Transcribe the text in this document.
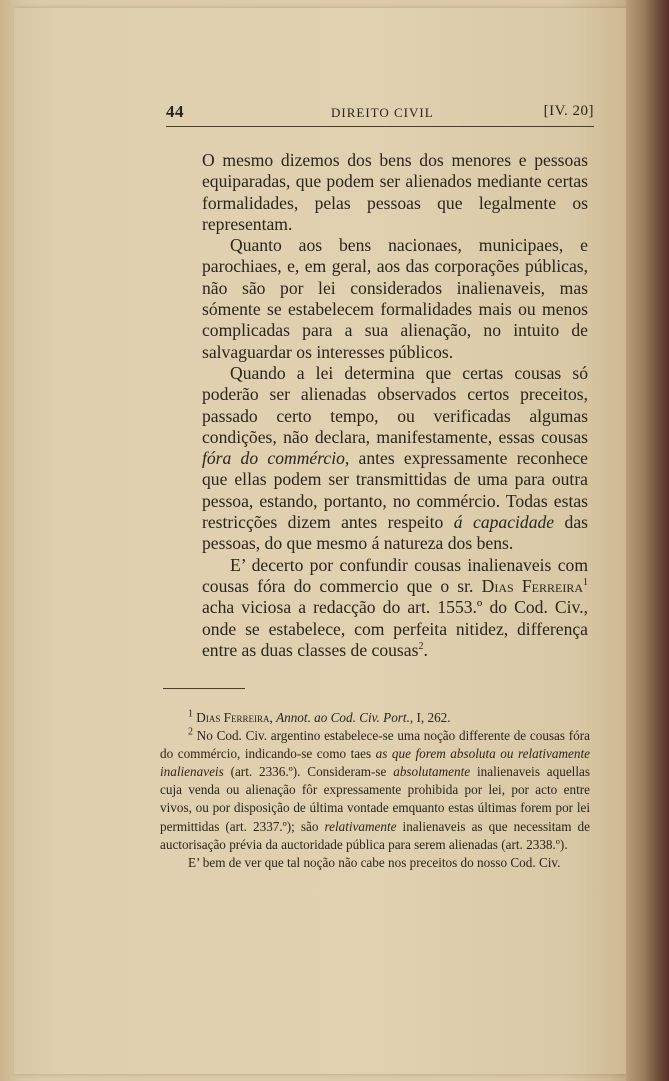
44	DIREITO CIVIL	[IV. 20]

O mesmo dizemos dos bens dos menores e pessoas equiparadas, que podem ser alienados mediante certas formalidades, pelas pessoas que legalmente os representam.

Quanto aos bens nacionaes, municipaes, e parochiaes, e, em geral, aos das corporações públicas, não são por lei considerados inalienaveis, mas sómente se estabelecem formalidades mais ou menos complicadas para a sua alienação, no intuito de salvaguardar os interesses públicos.

Quando a lei determina que certas cousas só poderão ser alienadas observados certos preceitos, passado certo tempo, ou verificadas algumas condições, não declara, manifestamente, essas cousas fóra do commércio, antes expressamente reconhece que ellas podem ser transmittidas de uma para outra pessoa, estando, portanto, no commércio. Todas estas restricções dizem antes respeito á capacidade das pessoas, do que mesmo á natureza dos bens.

E’ decerto por confundir cousas inalienaveis com cousas fóra do commercio que o sr. Dias Ferreira$^1$ acha viciosa a redacção do art. 1553.º do Cod. Civ., onde se estabelece, com perfeita nitidez, differença entre as duas classes de cousas$^2$.

$^1$ Dias Ferreira, Annot. ao Cod. Civ. Port., I, 262.

$^2$ No Cod. Civ. argentino estabelece-se uma noção differente de cousas fóra do commércio, indicando-se como taes as que forem absoluta ou relativamente inalienaveis (art. 2336.º). Consideram-se absolutamente inalienaveis aquellas cuja venda ou alienação fôr expressamente prohibida por lei, por acto entre vivos, ou por disposição de última vontade emquanto estas últimas forem por lei permittidas (art. 2337.º); são relativamente inalienaveis as que necessitam de auctorisação prévia da auctoridade pública para serem alienadas (art. 2338.º).

E’ bem de ver que tal noção não cabe nos preceitos do nosso Cod. Civ.
